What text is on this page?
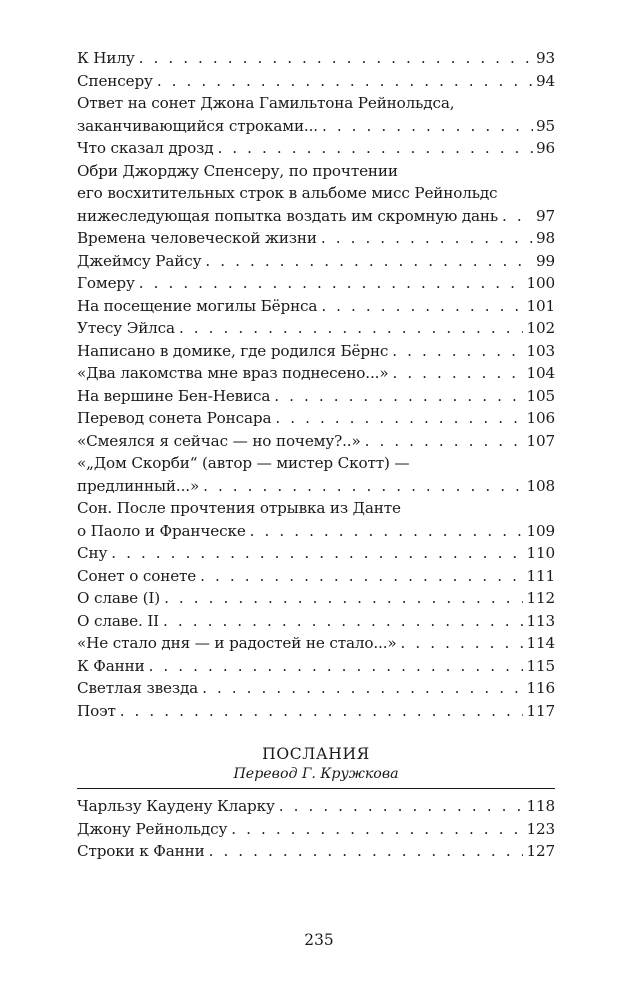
К Нилу . . .	93
Спенсеру . . .	94
Ответ на сонет Джона Гамильтона Рейнольдса,
заканчивающийся строками... . . .	95
Что сказал дрозд . . .	96
Обри Джорджу Спенсеру, по прочтении
его восхитительных строк в альбоме мисс Рейнольдс
нижеследующая попытка воздать им скромную дань . . . 97
Времена человеческой жизни . . .	98
Джеймсу Райсу . . .	99
Гомеру . . .	100
На посещение могилы Бёрнса . . .	101
Утесу Эйлса . . .	102
Написано в домике, где родился Бёрнс . . .	103
«Два лакомства мне враз поднесено...» . . .	104
На вершине Бен-Невиса . . .	105
Перевод сонета Ронсара . . .	106
«Смеялся я сейчас — но почему?..» . . .	107
«„Дом Скорби“ (автор — мистер Скотт) —
предлинный...» . . .	108
Сон. После прочтения отрывка из Данте
о Паоло и Франческе . . .	109
Сну . . .	110
Сонет о сонете . . .	111
О славе (I) . . .	112
О славе. II . . .	113
«Не стало дня — и радостей не стало...» . . .	114
К Фанни . . .	115
Светлая звезда . . .	116
Поэт . . .	117
ПОСЛАНИЯ
Перевод Г. Кружкова
Чарльзу Каудену Кларку . . .	118
Джону Рейнольдсу . . .	123
Строки к Фанни . . .	127
235
